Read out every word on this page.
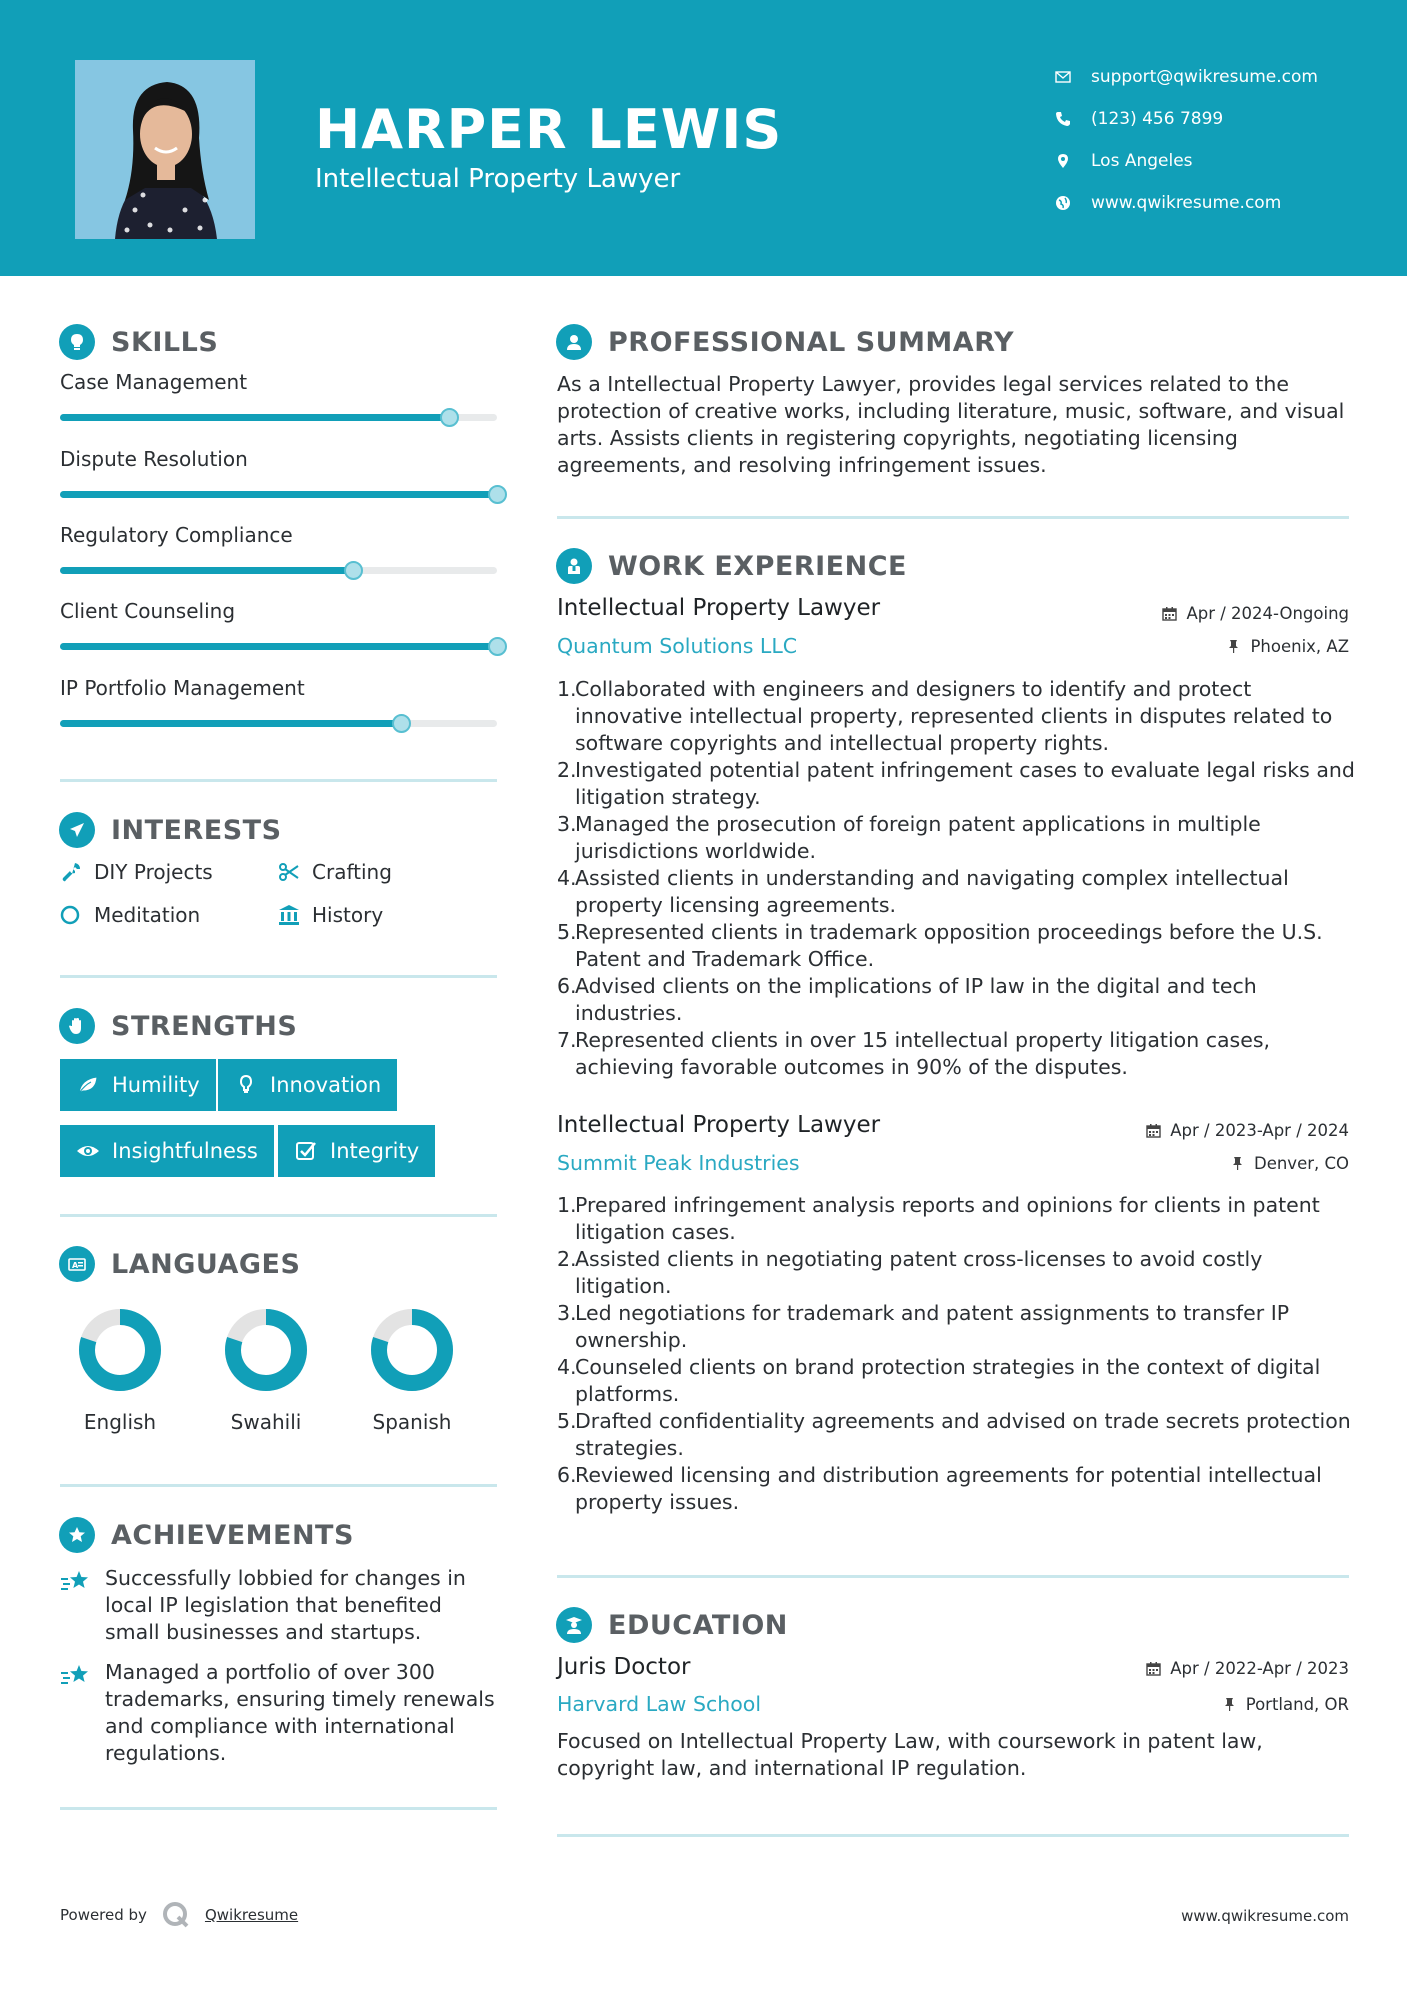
HARPER LEWIS
Intellectual Property Lawyer
support@qwikresume.com
(123) 456 7899
Los Angeles
www.qwikresume.com
SKILLS
Case Management
Dispute Resolution
Regulatory Compliance
Client Counseling
IP Portfolio Management
INTERESTS
DIY Projects	Crafting
Meditation	History
STRENGTHS
Humility	Innovation
Insightfulness	Integrity
A LANGUAGES
English	Swahili	Spanish
ACHIEVEMENTS
Successfully lobbied for changes in local IP legislation that benefited small businesses and startups.
Managed a portfolio of over 300 trademarks, ensuring timely renewals and compliance with international regulations.
PROFESSIONAL SUMMARY
As a Intellectual Property Lawyer, provides legal services related to the protection of creative works, including literature, music, software, and visual arts. Assists clients in registering copyrights, negotiating licensing agreements, and resolving infringement issues.
WORK EXPERIENCE
Intellectual Property Lawyer	Apr / 2024-Ongoing
Quantum Solutions LLC	Phoenix, AZ
1.
Collaborated with engineers and designers to identify and protect innovative intellectual property, represented clients in disputes related to software copyrights and intellectual property rights.
2.
Investigated potential patent infringement cases to evaluate legal risks and litigation strategy.
3.
Managed the prosecution of foreign patent applications in multiple jurisdictions worldwide.
4.
Assisted clients in understanding and navigating complex intellectual property licensing agreements.
5.
Represented clients in trademark opposition proceedings before the U.S. Patent and Trademark Office.
6.
Advised clients on the implications of IP law in the digital and tech industries.
7.
Represented clients in over 15 intellectual property litigation cases, achieving favorable outcomes in 90% of the disputes.
Intellectual Property Lawyer	Apr / 2023-Apr / 2024
Summit Peak Industries	Denver, CO
1.
Prepared infringement analysis reports and opinions for clients in patent litigation cases.
2.
Assisted clients in negotiating patent cross-licenses to avoid costly litigation.
3.
Led negotiations for trademark and patent assignments to transfer IP ownership.
4.
Counseled clients on brand protection strategies in the context of digital platforms.
5.
Drafted confidentiality agreements and advised on trade secrets protection strategies.
6.
Reviewed licensing and distribution agreements for potential intellectual property issues.
EDUCATION
Juris Doctor	Apr / 2022-Apr / 2023
Harvard Law School	Portland, OR
Focused on Intellectual Property Law, with coursework in patent law, copyright law, and international IP regulation.
Powered by	Qwikresume	www.qwikresume.com
